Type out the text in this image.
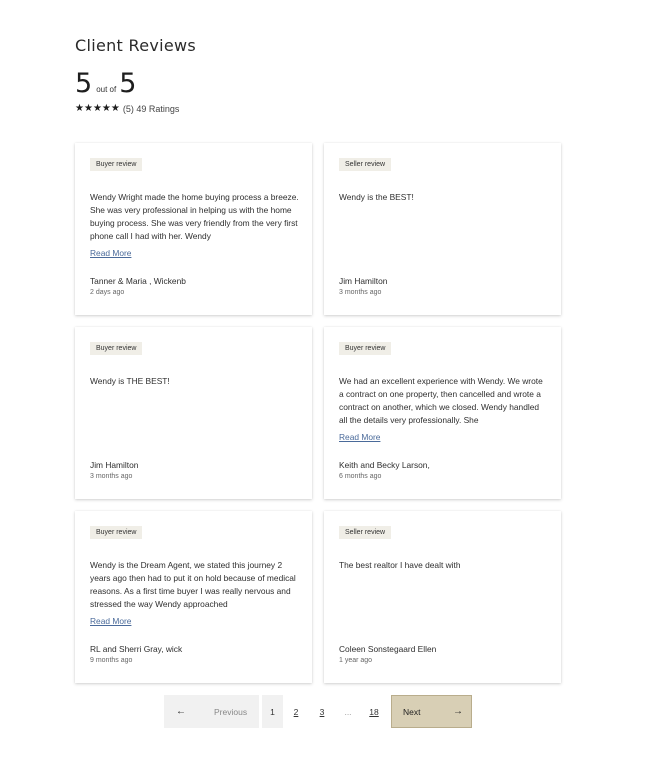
Client Reviews
5 out of 5
★ ★ ★ ★ ★ (5) 49 Ratings
Buyer review

Wendy Wright made the home buying process a breeze. She was very professional in helping us with the home buying process. She was very friendly from the very first phone call I had with her. Wendy

Read More
Tanner & Maria , Wickenb
2 days ago
Seller review

Wendy is the BEST!

Jim Hamilton
3 months ago
Buyer review

Wendy is THE BEST!

Jim Hamilton
3 months ago
Buyer review

We had an excellent experience with Wendy. We wrote a contract on one property, then cancelled and wrote a contract on another, which we closed. Wendy handled all the details very professionally. She

Read More
Keith and Becky Larson,
6 months ago
Buyer review

Wendy is the Dream Agent, we stated this journey 2 years ago then had to put it on hold because of medical reasons. As a first time buyer I was really nervous and stressed the way Wendy approached

Read More
RL and Sherri Gray, wick
9 months ago
Seller review

The best realtor I have dealt with

Coleen Sonstegaard Ellen
1 year ago
←	Previous	1	2	3	...	18	Next	→
